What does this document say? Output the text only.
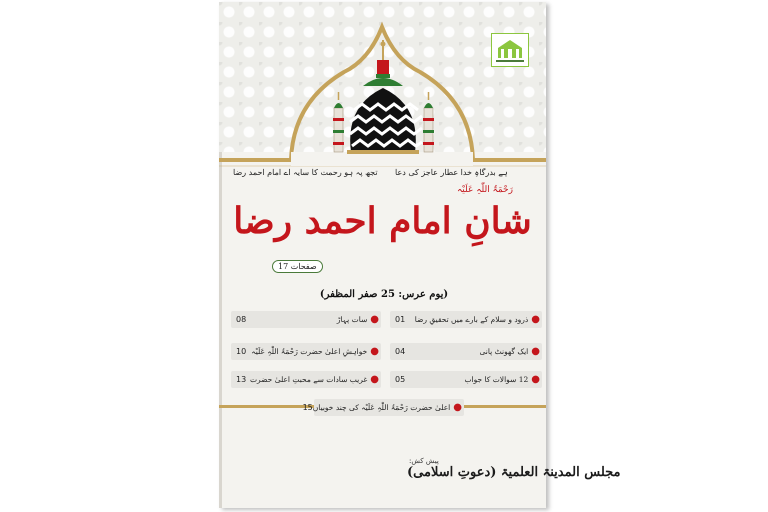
ہے بدرگاہِ خدا عطار عاجز کی دعا
تجھ پہ ہو رحمت کا سایہ اے امام احمد رضا
رَحْمَۃُ اللّٰہِ عَلَیْہ
شانِ امام احمد رضا
صفحات 17
(یوم عرس: 25 صفر المظفر)
●
ذرود و سلام کے بارے میں تحقیقِ رضا
01
●
سات پہاڑ
08
●
ایک گھونٹ پانی
04
●
خواہشِ اعلیٰ حضرت رَحْمَۃُ اللّٰہِ عَلَیْہ
10
●
12 سوالات کا جواب
05
●
غریب سادات سے محبتِ اعلیٰ حضرت
13
●
اعلیٰ حضرت رَحْمَۃُ اللّٰہِ عَلَیْہ کی چند خوبیاں
15
پیش کش:
مجلس المدینۃ العلمیۃ (دعوتِ اسلامی)
